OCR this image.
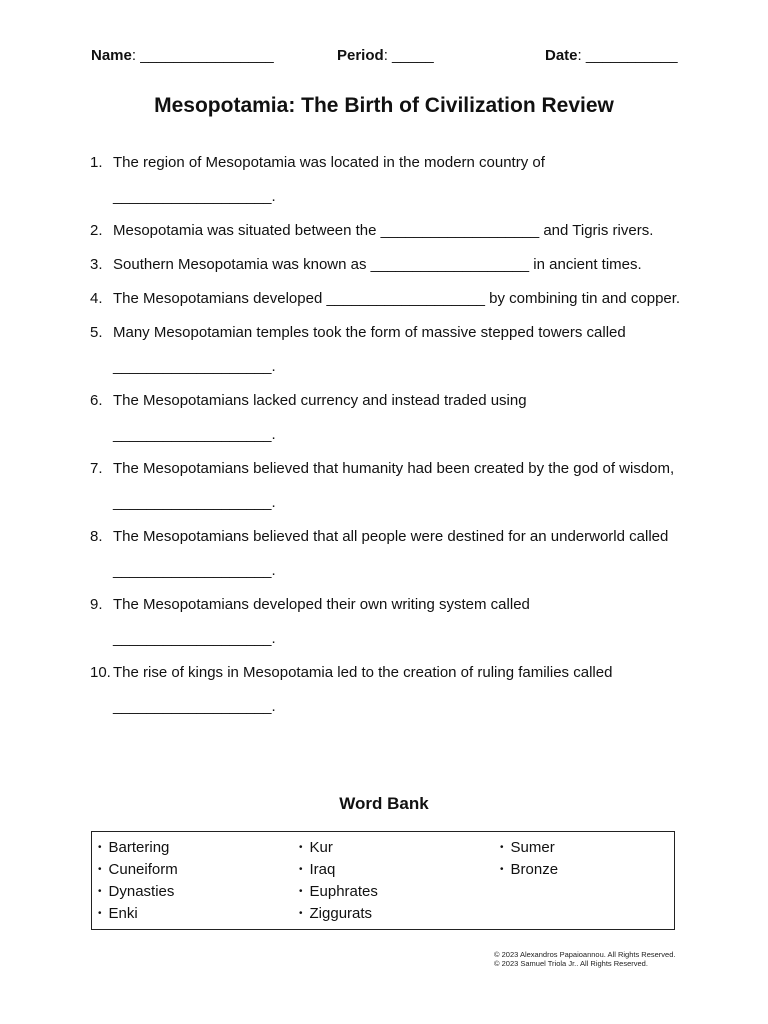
Name: ________________	Period: _____	Date: ___________
Mesopotamia: The Birth of Civilization Review

1. The region of Mesopotamia was located in the modern country of ___________________.

2. Mesopotamia was situated between the ___________________ and Tigris rivers.

3. Southern Mesopotamia was known as ___________________ in ancient times.

4. The Mesopotamians developed ___________________ by combining tin and copper.

5. Many Mesopotamian temples took the form of massive stepped towers called ___________________.

6. The Mesopotamians lacked currency and instead traded using ___________________.

7. The Mesopotamians believed that humanity had been created by the god of wisdom, ___________________.

8. The Mesopotamians believed that all people were destined for an underworld called ___________________.

9. The Mesopotamians developed their own writing system called ___________________.

10. The rise of kings in Mesopotamia led to the creation of ruling families called ___________________.

Word Bank
• Bartering
• Cuneiform
• Dynasties
• Enki
• Kur
• Iraq
• Euphrates
• Ziggurats
• Sumer
• Bronze
© 2023 Alexandros Papaioannou. All Rights Reserved.
© 2023 Samuel Triola Jr.. All Rights Reserved.
